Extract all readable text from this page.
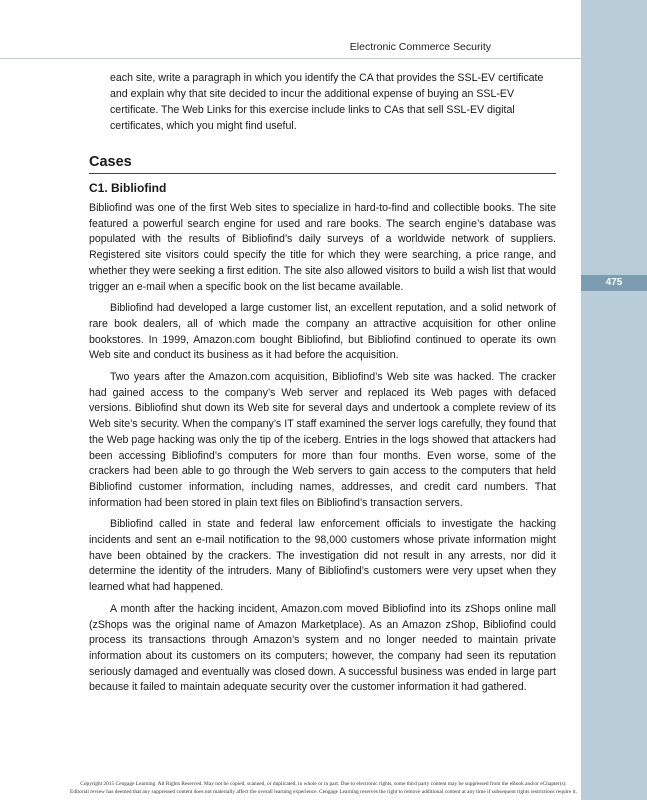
Electronic Commerce Security

each site, write a paragraph in which you identify the CA that provides the SSL-EV certificate and explain why that site decided to incur the additional expense of buying an SSL-EV certificate. The Web Links for this exercise include links to CAs that sell SSL-EV digital certificates, which you might find useful.

Cases
C1. Bibliofind

Bibliofind was one of the first Web sites to specialize in hard-to-find and collectible books. The site featured a powerful search engine for used and rare books. The search engine’s database was populated with the results of Bibliofind’s daily surveys of a worldwide network of suppliers. Registered site visitors could specify the title for which they were searching, a price range, and whether they were seeking a first edition. The site also allowed visitors to build a wish list that would trigger an e-mail when a specific book on the list became available.

Bibliofind had developed a large customer list, an excellent reputation, and a solid network of rare book dealers, all of which made the company an attractive acquisition for other online bookstores. In 1999, Amazon.com bought Bibliofind, but Bibliofind continued to operate its own Web site and conduct its business as it had before the acquisition.

Two years after the Amazon.com acquisition, Bibliofind’s Web site was hacked. The cracker had gained access to the company’s Web server and replaced its Web pages with defaced versions. Bibliofind shut down its Web site for several days and undertook a complete review of its Web site’s security. When the company’s IT staff examined the server logs carefully, they found that the Web page hacking was only the tip of the iceberg. Entries in the logs showed that attackers had been accessing Bibliofind’s computers for more than four months. Even worse, some of the crackers had been able to go through the Web servers to gain access to the computers that held Bibliofind customer information, including names, addresses, and credit card numbers. That information had been stored in plain text files on Bibliofind’s transaction servers.

Bibliofind called in state and federal law enforcement officials to investigate the hacking incidents and sent an e-mail notification to the 98,000 customers whose private information might have been obtained by the crackers. The investigation did not result in any arrests, nor did it determine the identity of the intruders. Many of Bibliofind’s customers were very upset when they learned what had happened.

A month after the hacking incident, Amazon.com moved Bibliofind into its zShops online mall (zShops was the original name of Amazon Marketplace). As an Amazon zShop, Bibliofind could process its transactions through Amazon’s system and no longer needed to maintain private information about its customers on its computers; however, the company had seen its reputation seriously damaged and eventually was closed down. A successful business was ended in large part because it failed to maintain adequate security over the customer information it had gathered.

475
Copyright 2015 Cengage Learning. All Rights Reserved. May not be copied, scanned, or duplicated, in whole or in part. Due to electronic rights, some third party content may be suppressed from the eBook and/or eChapter(s).
Editorial review has deemed that any suppressed content does not materially affect the overall learning experience. Cengage Learning reserves the right to remove additional content at any time if subsequent rights restrictions require it.
